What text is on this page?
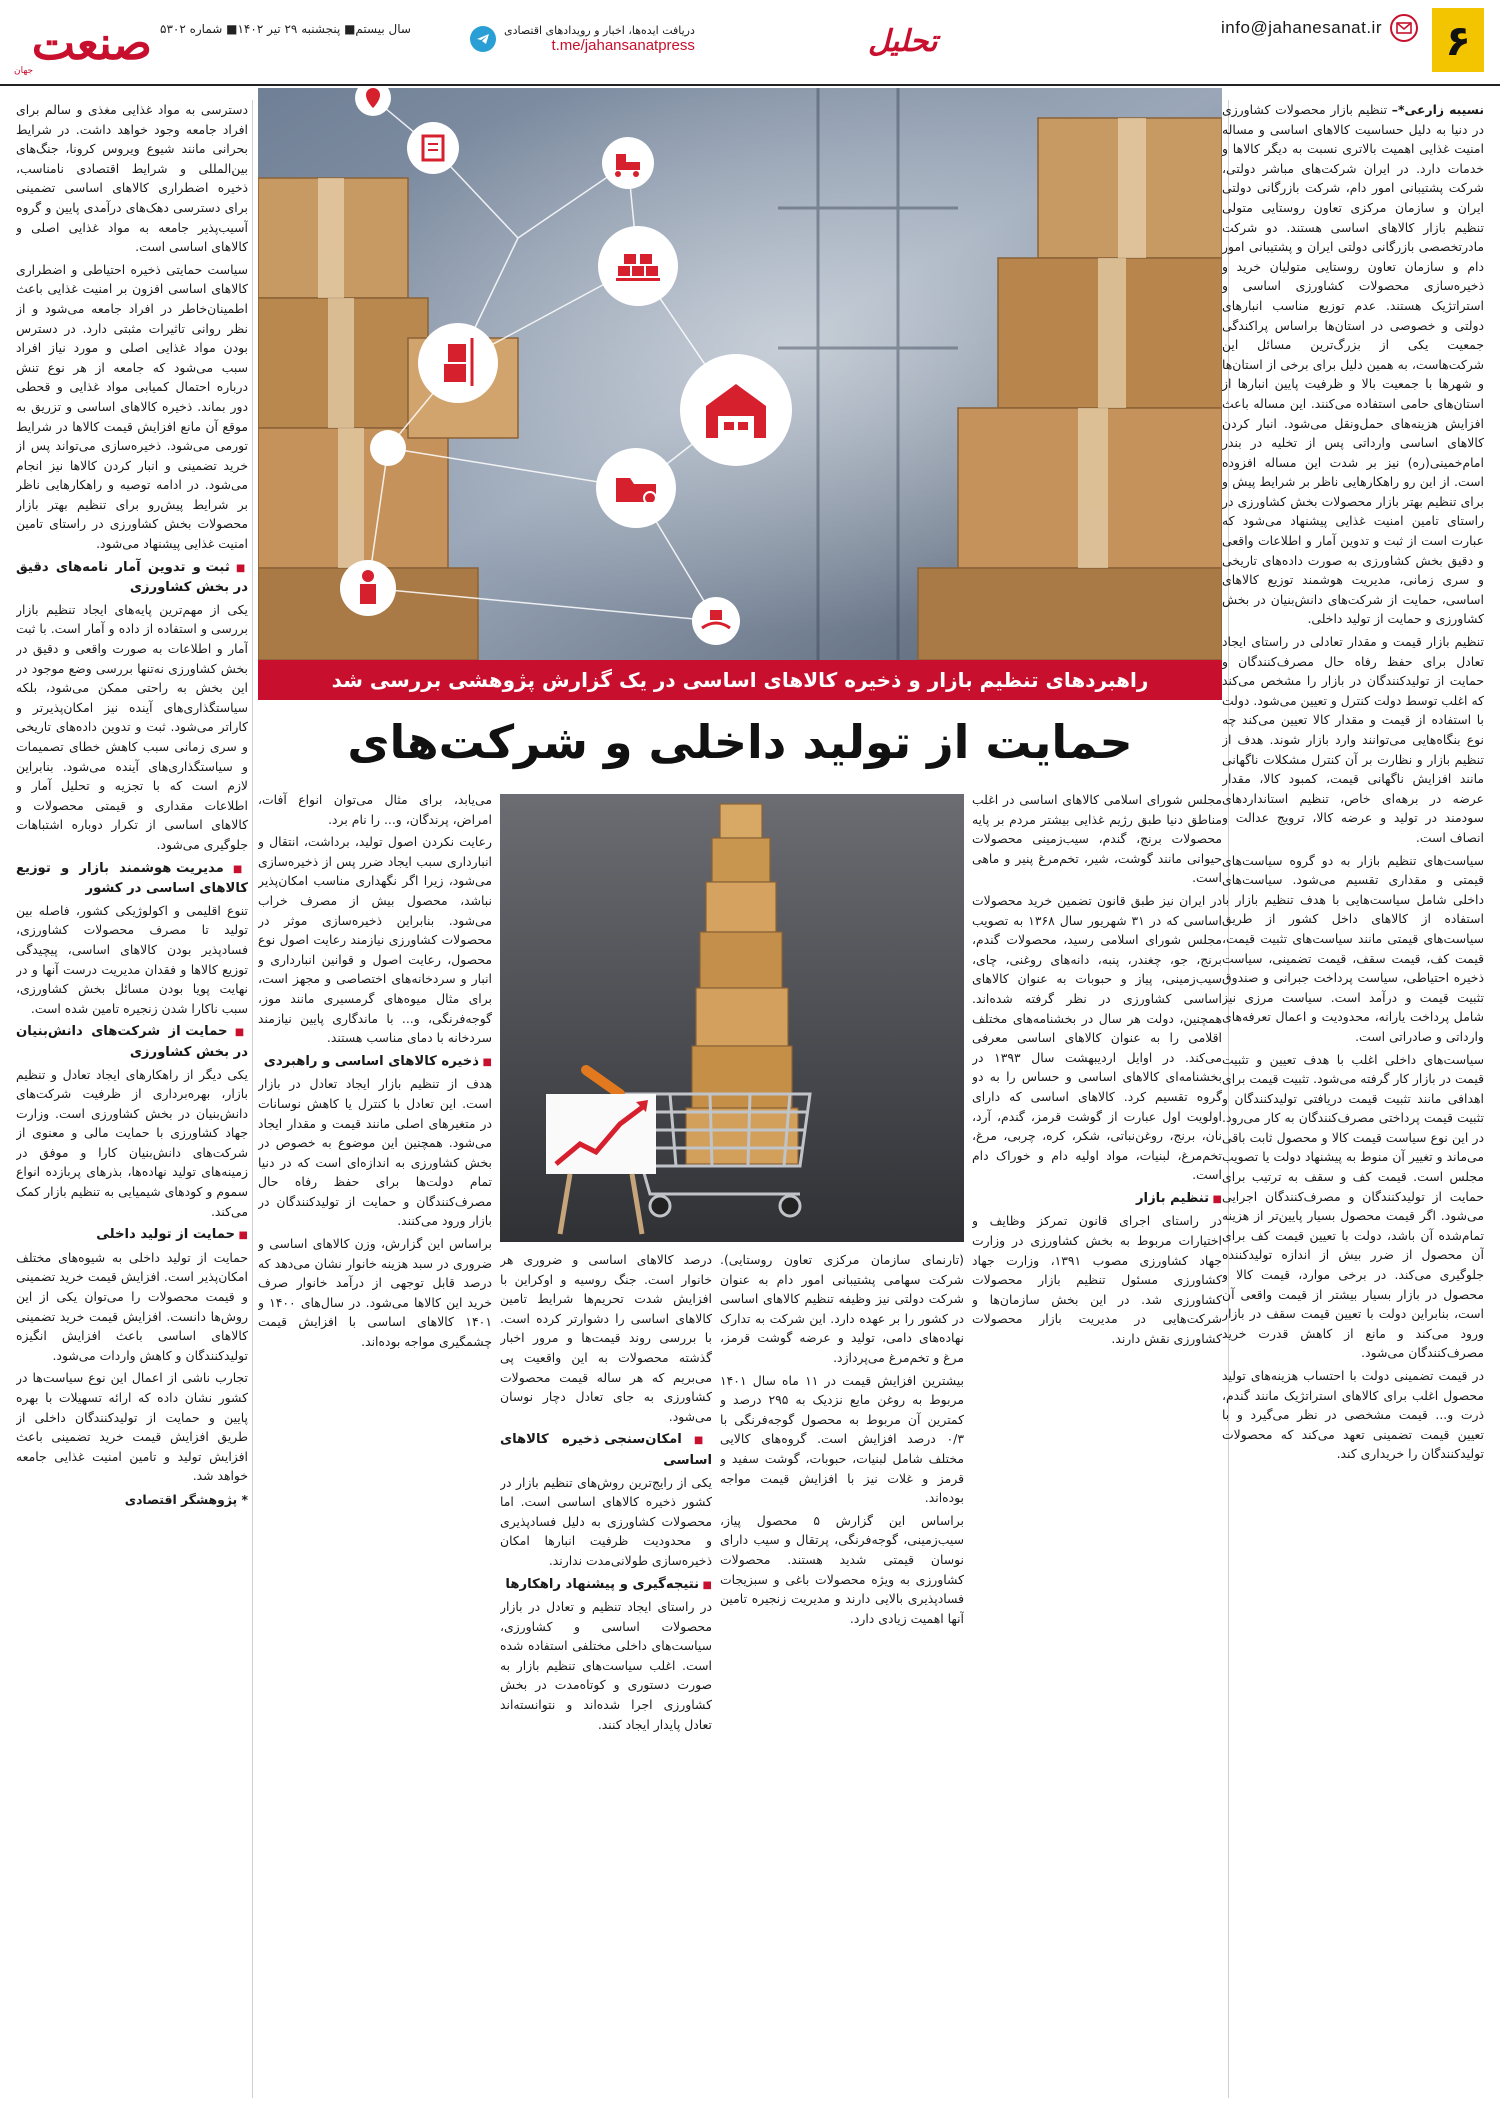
۶
info@jahanesanat.ir
تحلیل
دریافت ایده‌ها، اخبار و رویدادهای اقتصادی
t.me/jahansanatpress
سال بیستم■ پنجشنبه ۲۹ تیر ۱۴۰۲■ شماره ۵۳۰۲
صنعت
جهان
راهبردهای تنظیم بازار و ذخیره کالاهای اساسی در یک گزارش پژوهشی بررسی شد
حمایت از تولید داخلی و شرکت‌های

نسیبه زارعی*– تنظیم بازار محصولات کشاورزی در دنیا به دلیل حساسیت کالاهای اساسی و مساله امنیت غذایی اهمیت بالاتری نسبت به دیگر کالاها و خدمات دارد. در ایران شرکت‌های مباشر دولتی، شرکت پشتیبانی امور دام، شرکت بازرگانی دولتی ایران و سازمان مرکزی تعاون روستایی متولی تنظیم بازار کالاهای اساسی هستند. دو شرکت مادرتخصصی بازرگانی دولتی ایران و پشتیبانی امور دام و سازمان تعاون روستایی متولیان خرید و ذخیره‌سازی محصولات کشاورزی اساسی و استراتژیک هستند. عدم توزیع مناسب انبارهای دولتی و خصوصی در استان‌ها براساس پراکندگی جمعیت یکی از بزرگ‌ترین مسائل این شرکت‌هاست، به همین دلیل برای برخی از استان‌ها و شهرها با جمعیت بالا و ظرفیت پایین انبارها از استان‌های حامی استفاده می‌کنند. این مساله باعث افزایش هزینه‌های حمل‌ونقل می‌شود. انبار کردن کالاهای اساسی وارداتی پس از تخلیه در بندر امام‌خمینی(ره) نیز بر شدت این مساله افزوده است. از این رو راهکارهایی ناظر بر شرایط پیش و برای تنظیم بهتر بازار محصولات بخش کشاورزی در راستای تامین امنیت غذایی پیشنهاد می‌شود که عبارت است از ثبت و تدوین آمار و اطلاعات واقعی و دقیق بخش کشاورزی به صورت داده‌های تاریخی و سری زمانی، مدیریت هوشمند توزیع کالاهای اساسی، حمایت از شرکت‌های دانش‌بنیان در بخش کشاورزی و حمایت از تولید داخلی.

تنظیم بازار قیمت و مقدار تعادلی در راستای ایجاد تعادل برای حفظ رفاه حال مصرف‌کنندگان و حمایت از تولیدکنندگان در بازار را مشخص می‌کند که اغلب توسط دولت کنترل و تعیین می‌شود. دولت با استفاده از قیمت و مقدار کالا تعیین می‌کند چه نوع بنگاه‌هایی می‌توانند وارد بازار شوند. هدف از تنظیم بازار و نظارت بر آن کنترل مشکلات ناگهانی مانند افزایش ناگهانی قیمت، کمبود کالا، مقدار عرضه در برهه‌ای خاص، تنظیم استانداردهای سودمند در تولید و عرضه کالا، ترویج عدالت و انصاف است.

سیاست‌های تنظیم بازار به دو گروه سیاست‌های قیمتی و مقداری تقسیم می‌شود. سیاست‌های داخلی شامل سیاست‌هایی با هدف تنظیم بازار با استفاده از کالاهای داخل کشور از طریق سیاست‌های قیمتی مانند سیاست‌های تثبیت قیمت، قیمت کف، قیمت سقف، قیمت تضمینی، سیاست ذخیره احتیاطی، سیاست پرداخت جبرانی و صندوق تثبیت قیمت و درآمد است. سیاست مرزی نیز شامل پرداخت یارانه، محدودیت و اعمال تعرفه‌های وارداتی و صادراتی است.

سیاست‌های داخلی اغلب با هدف تعیین و تثبیت قیمت در بازار کار گرفته می‌شود. تثبیت قیمت برای اهدافی مانند تثبیت قیمت دریافتی تولیدکنندگان و تثبیت قیمت پرداختی مصرف‌کنندگان به کار می‌رود. در این نوع سیاست قیمت کالا و محصول ثابت باقی می‌ماند و تغییر آن منوط به پیشنهاد دولت یا تصویب مجلس است. قیمت کف و سقف به ترتیب برای حمایت از تولیدکنندگان و مصرف‌کنندگان اجرایی می‌شود. اگر قیمت محصول بسیار پایین‌تر از هزینه تمام‌شده آن باشد، دولت با تعیین قیمت کف برای آن محصول از ضرر بیش از اندازه تولیدکننده جلوگیری می‌کند. در برخی موارد، قیمت کالا و محصول در بازار بسیار بیشتر از قیمت واقعی آن است، بنابراین دولت با تعیین قیمت سقف در بازار ورود می‌کند و مانع از کاهش قدرت خرید مصرف‌کنندگان می‌شود.

در قیمت تضمینی دولت با احتساب هزینه‌های تولید محصول اغلب برای کالاهای استراتژیک مانند گندم، ذرت و... قیمت مشخصی در نظر می‌گیرد و با تعیین قیمت تضمینی تعهد می‌کند که محصولات تولیدکنندگان را خریداری کند.

دسترسی به مواد غذایی مغذی و سالم برای افراد جامعه وجود خواهد داشت. در شرایط بحرانی مانند شیوع ویروس کرونا، جنگ‌های بین‌المللی و شرایط اقتصادی نامناسب، ذخیره اضطراری کالاهای اساسی تضمینی برای دسترسی دهک‌های درآمدی پایین و گروه آسیب‌پذیر جامعه به مواد غذایی اصلی و کالاهای اساسی است.

سیاست حمایتی ذخیره احتیاطی و اضطراری کالاهای اساسی افزون بر امنیت غذایی باعث اطمینان‌خاطر در افراد جامعه می‌شود و از نظر روانی تاثیرات مثبتی دارد. در دسترس بودن مواد غذایی اصلی و مورد نیاز افراد سبب می‌شود که جامعه از هر نوع تنش درباره احتمال کمیابی مواد غذایی و قحطی دور بماند. ذخیره کالاهای اساسی و تزریق به موقع آن مانع افزایش قیمت کالاها در شرایط تورمی می‌شود. ذخیره‌سازی می‌تواند پس از خرید تضمینی و انبار کردن کالاها نیز انجام می‌شود. در ادامه توصیه و راهکارهایی ناظر بر شرایط پیش‌رو برای تنظیم بهتر بازار محصولات بخش کشاورزی در راستای تامین امنیت غذایی پیشنهاد می‌شود.

■ ثبت و تدوین آمار نامه‌های دقیق در بخش کشاورزی

یکی از مهم‌ترین پایه‌های ایجاد تنظیم بازار بررسی و استفاده از داده و آمار است. با ثبت آمار و اطلاعات به صورت واقعی و دقیق در بخش کشاورزی نه‌تنها بررسی وضع موجود در این بخش به راحتی ممکن می‌شود، بلکه سیاستگذاری‌های آینده نیز امکان‌پذیرتر و کاراتر می‌شود. ثبت و تدوین داده‌های تاریخی و سری زمانی سبب کاهش خطای تصمیمات و سیاستگذاری‌های آینده می‌شود. بنابراین لازم است که با تجزیه و تحلیل آمار و اطلاعات مقداری و قیمتی محصولات و کالاهای اساسی از تکرار دوباره اشتباهات جلوگیری می‌شود.

■ مدیریت هوشمند بازار و توزیع کالاهای اساسی در کشور

تنوع اقلیمی و اکولوژیکی کشور، فاصله بین تولید تا مصرف محصولات کشاورزی، فسادپذیر بودن کالاهای اساسی، پیچیدگی توزیع کالاها و فقدان مدیریت درست آنها و در نهایت پویا بودن مسائل بخش کشاورزی، سبب ناکارا شدن زنجیره تامین شده است.

■ حمایت از شرکت‌های دانش‌بنیان در بخش کشاورزی

یکی دیگر از راهکارهای ایجاد تعادل و تنظیم بازار، بهره‌برداری از ظرفیت شرکت‌های دانش‌بنیان در بخش کشاورزی است. وزارت جهاد کشاورزی با حمایت مالی و معنوی از شرکت‌های دانش‌بنیان کارا و موفق در زمینه‌های تولید نهاده‌ها، بذرهای پربازده انواع سموم و کودهای شیمیایی به تنظیم بازار کمک می‌کند.

■ حمایت از تولید داخلی

حمایت از تولید داخلی به شیوه‌های مختلف امکان‌پذیر است. افزایش قیمت خرید تضمینی و قیمت محصولات را می‌توان یکی از این روش‌ها دانست. افزایش قیمت خرید تضمینی کالاهای اساسی باعث افزایش انگیزه تولیدکنندگان و کاهش واردات می‌شود.

تجارب ناشی از اعمال این نوع سیاست‌ها در کشور نشان داده که ارائه تسهیلات با بهره پایین و حمایت از تولیدکنندگان داخلی از طریق افزایش قیمت خرید تضمینی باعث افزایش تولید و تامین امنیت غذایی جامعه خواهد شد.

* پژوهشگر اقتصادی

مجلس شورای اسلامی کالاهای اساسی در اغلب مناطق دنیا طبق رژیم غذایی بیشتر مردم بر پایه محصولات برنج، گندم، سیب‌زمینی محصولات حیوانی مانند گوشت، شیر، تخم‌مرغ پنیر و ماهی است.

در ایران نیز طبق قانون تضمین خرید محصولات اساسی که در ۳۱ شهریور سال ۱۳۶۸ به تصویب مجلس شورای اسلامی رسید، محصولات گندم، برنج، جو، چغندر، پنبه، دانه‌های روغنی، چای، سیب‌زمینی، پیاز و حبوبات به عنوان کالاهای اساسی کشاورزی در نظر گرفته شده‌اند. همچنین، دولت هر سال در بخشنامه‌های مختلف اقلامی را به عنوان کالاهای اساسی معرفی می‌کند. در اوایل اردیبهشت سال ۱۳۹۳ در بخشنامه‌ای کالاهای اساسی و حساس را به دو گروه تقسیم کرد. کالاهای اساسی که دارای اولویت اول عبارت از گوشت قرمز، گندم، آرد، نان، برنج، روغن‌نباتی، شکر، کره، چربی، مرغ، تخم‌مرغ، لبنیات، مواد اولیه دام و خوراک دام است.

■ تنظیم بازار

در راستای اجرای قانون تمرکز وظایف و اختیارات مربوط به بخش کشاورزی در وزارت جهاد کشاورزی مصوب ۱۳۹۱، وزارت جهاد کشاورزی مسئول تنظیم بازار محصولات کشاورزی شد. در این بخش سازمان‌ها و شرکت‌هایی در مدیریت بازار محصولات کشاورزی نقش دارند.

(تارنمای سازمان مرکزی تعاون روستایی). شرکت سهامی پشتیبانی امور دام به عنوان شرکت دولتی نیز وظیفه تنظیم کالاهای اساسی در کشور را بر عهده دارد. این شرکت به تدارک نهاده‌های دامی، تولید و عرضه گوشت قرمز، مرغ و تخم‌مرغ می‌پردازد.

بیشترین افزایش قیمت در ۱۱ ماه سال ۱۴۰۱ مربوط به روغن مایع نزدیک به ۲۹۵ درصد و کمترین آن مربوط به محصول گوجه‌فرنگی با ۰/۳ درصد افزایش است. گروه‌های کالایی مختلف شامل لبنیات، حبوبات، گوشت سفید و قرمز و غلات نیز با افزایش قیمت مواجه بوده‌اند.

براساس این گزارش ۵ محصول پیاز، سیب‌زمینی، گوجه‌فرنگی، پرتقال و سیب دارای نوسان قیمتی شدید هستند. محصولات کشاورزی به ویژه محصولات باغی و سبزیجات فسادپذیری بالایی دارند و مدیریت زنجیره تامین آنها اهمیت زیادی دارد.

درصد کالاهای اساسی و ضروری هر خانوار است. جنگ روسیه و اوکراین با افزایش شدت تحریم‌ها شرایط تامین کالاهای اساسی را دشوارتر کرده است. با بررسی روند قیمت‌ها و مرور اخبار گذشته محصولات به این واقعیت پی می‌بریم که هر ساله قیمت محصولات کشاورزی به جای تعادل دچار نوسان می‌شود.

■ امکان‌سنجی ذخیره کالاهای اساسی

یکی از رایج‌ترین روش‌های تنظیم بازار در کشور ذخیره کالاهای اساسی است. اما محصولات کشاورزی به دلیل فسادپذیری و محدودیت ظرفیت انبارها امکان ذخیره‌سازی طولانی‌مدت ندارند.

■ نتیجه‌گیری و پیشنهاد راهکارها

در راستای ایجاد تنظیم و تعادل در بازار محصولات اساسی و کشاورزی، سیاست‌های داخلی مختلفی استفاده شده است. اغلب سیاست‌های تنظیم بازار به صورت دستوری و کوتاه‌مدت در بخش کشاورزی اجرا شده‌اند و نتوانسته‌اند تعادل پایدار ایجاد کنند.

می‌یابد، برای مثال می‌توان انواع آفات، امراض، پرندگان، و... را نام برد.

رعایت نکردن اصول تولید، برداشت، انتقال و انبارداری سبب ایجاد ضرر پس از ذخیره‌سازی می‌شود، زیرا اگر نگهداری مناسب امکان‌پذیر نباشد، محصول بیش از مصرف خراب می‌شود. بنابراین ذخیره‌سازی موثر در محصولات کشاورزی نیازمند رعایت اصول نوع محصول، رعایت اصول و قوانین انبارداری و انبار و سردخانه‌های اختصاصی و مجهز است، برای مثال میوه‌های گرمسیری مانند موز، گوجه‌فرنگی، و... با ماندگاری پایین نیازمند سردخانه با دمای مناسب هستند.

■ ذخیره کالاهای اساسی و راهبردی

هدف از تنظیم بازار ایجاد تعادل در بازار است. این تعادل با کنترل یا کاهش نوسانات در متغیرهای اصلی مانند قیمت و مقدار ایجاد می‌شود. همچنین این موضوع به خصوص در بخش کشاورزی به اندازه‌ای است که در دنیا تمام دولت‌ها برای حفظ رفاه حال مصرف‌کنندگان و حمایت از تولیدکنندگان در بازار ورود می‌کنند.

براساس این گزارش، وزن کالاهای اساسی و ضروری در سبد هزینه خانوار نشان می‌دهد که درصد قابل توجهی از درآمد خانوار صرف خرید این کالاها می‌شود. در سال‌های ۱۴۰۰ و ۱۴۰۱ کالاهای اساسی با افزایش قیمت چشمگیری مواجه بوده‌اند.
